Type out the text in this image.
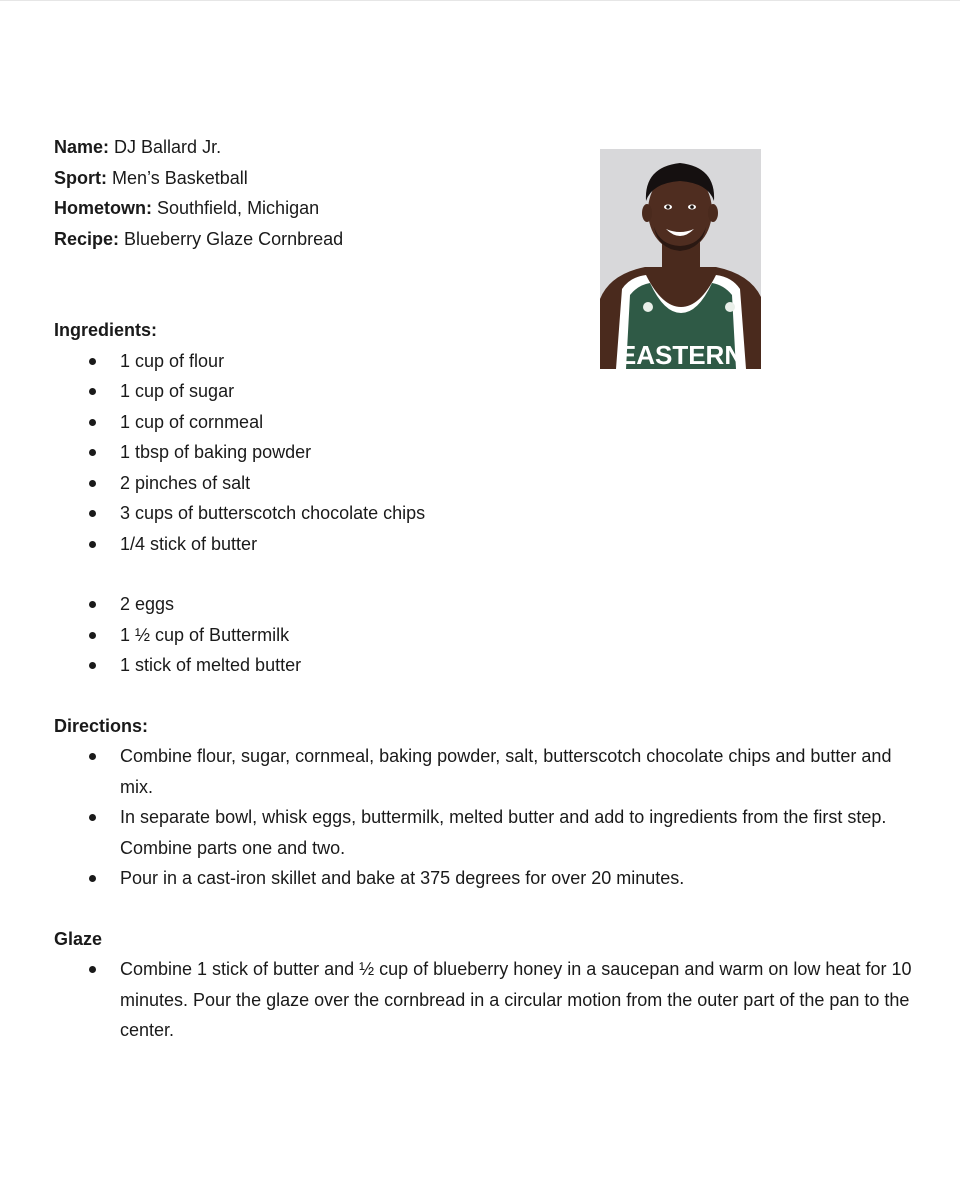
EASTERN
Name: DJ Ballard Jr.
Sport: Men’s Basketball
Hometown: Southfield, Michigan
Recipe: Blueberry Glaze Cornbread
Ingredients:
1 cup of flour
1 cup of sugar
1 cup of cornmeal
1 tbsp of baking powder
2 pinches of salt
3 cups of butterscotch chocolate chips
1/4 stick of butter
2 eggs
1 ½ cup of Buttermilk
1 stick of melted butter
Directions:
Combine flour, sugar, cornmeal, baking powder, salt, butterscotch chocolate chips and butter and mix.
In separate bowl, whisk eggs, buttermilk, melted butter and add to ingredients from the first step. Combine parts one and two.
Pour in a cast-iron skillet and bake at 375 degrees for over 20 minutes.
Glaze
Combine 1 stick of butter and ½ cup of blueberry honey in a saucepan and warm on low heat for 10 minutes. Pour the glaze over the cornbread in a circular motion from the outer part of the pan to the center.
